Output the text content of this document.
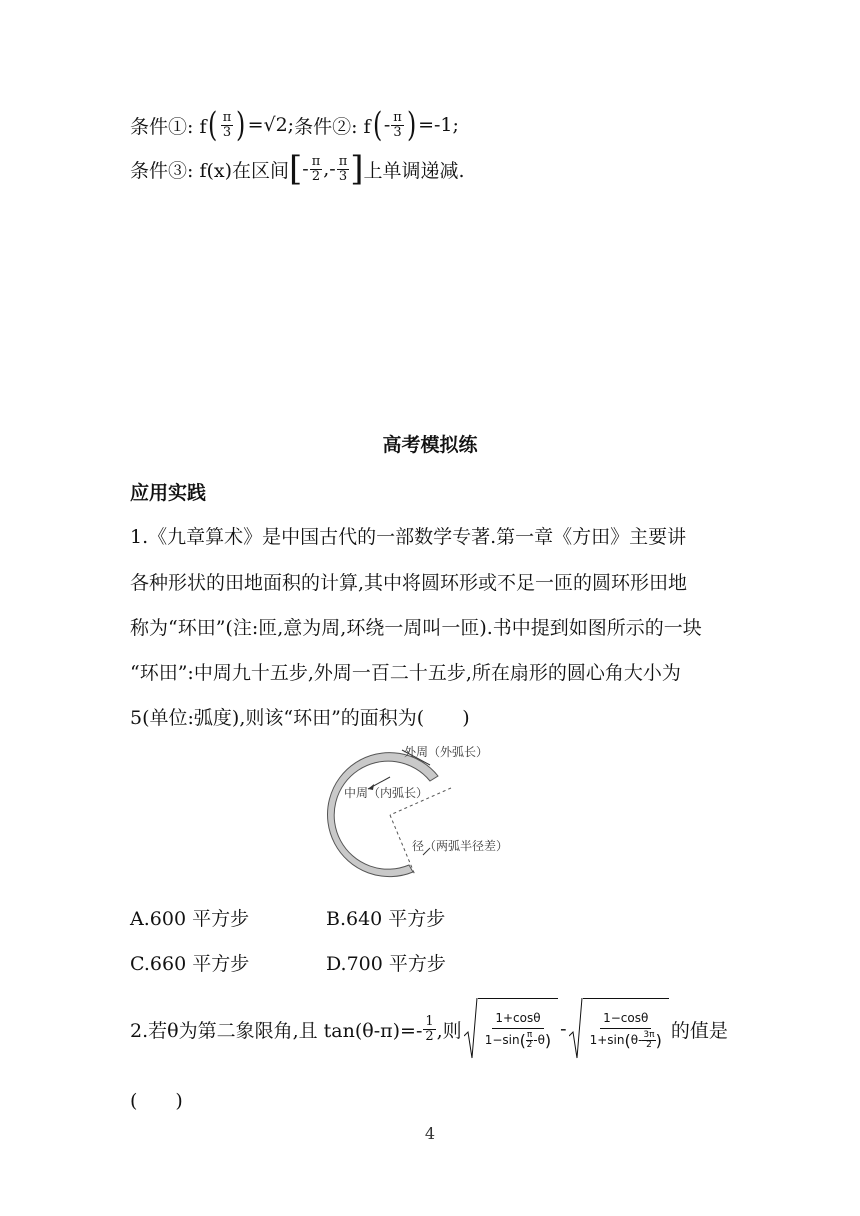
条件①: f ( $\frac{\pi}{3}$ ) =√2; 条件②: f ( - $\frac{\pi}{3}$ ) =-1;
条件③: f(x)在区间 [ - $\frac{\pi}{2}$ ,- $\frac{\pi}{3}$ ] 上单调递减.
高考模拟练
应用实践
1.《九章算术》是中国古代的一部数学专著.第一章《方田》主要讲
各种形状的田地面积的计算,其中将圆环形或不足一匝的圆环形田地
称为“环田”(注:匝,意为周,环绕一周叫一匝).书中提到如图所示的一块
“环田”:中周九十五步,外周一百二十五步,所在扇形的圆心角大小为
5(单位:弧度),则该“环田”的面积为(　　)
外周（外弧长）
中周（内弧长）
径（两弧半径差）
A.600 平方步	B.640 平方步
C.660 平方步	D.700 平方步
2.若θ为第二象限角,且 $\tan(\theta-\pi)=- \frac{1}{2}$ ,则 1+cosθ
1−sin ( π
2 -θ ) - 1−cosθ
1+sin ( θ- 3π
2 ) 的值是
(　　)
4
